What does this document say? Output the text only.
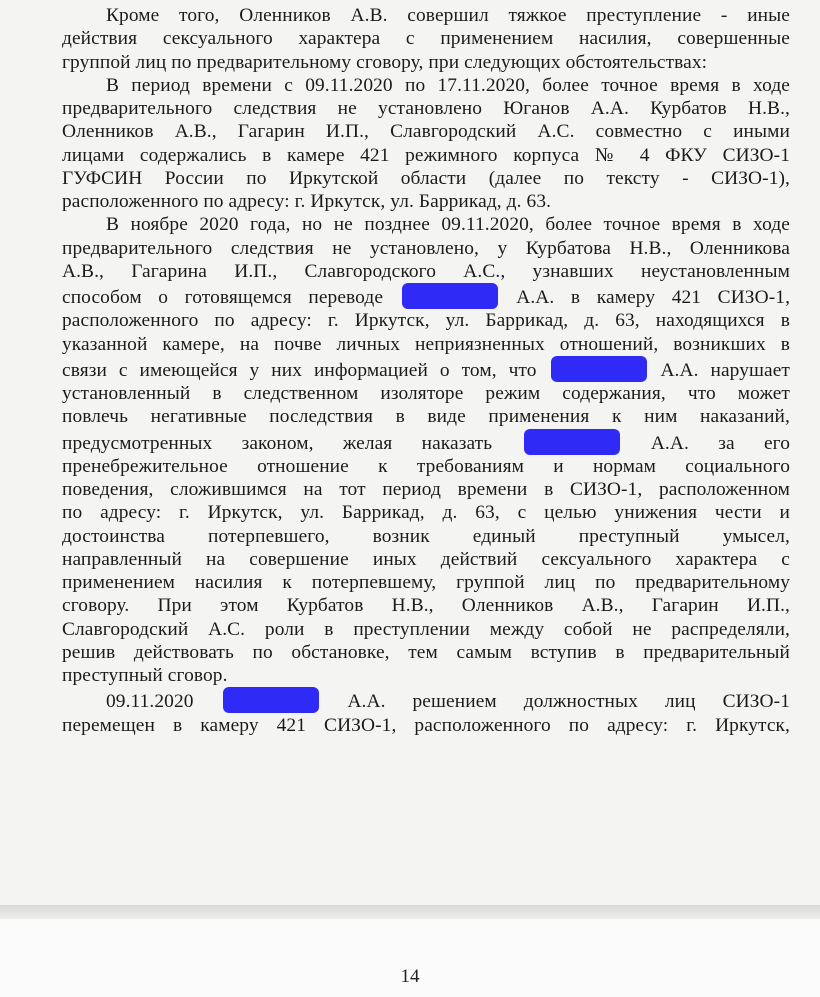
Кроме того, Оленников А.В. совершил тяжкое преступление - иные
действия сексуального характера с применением насилия, совершенные
группой лиц по предварительному сговору, при следующих обстоятельствах:
В период времени с 09.11.2020 по 17.11.2020, более точное время в ходе
предварительного следствия не установлено Юганов А.А. Курбатов Н.В.,
Оленников А.В., Гагарин И.П., Славгородский А.С. совместно с иными
лицами содержались в камере 421 режимного корпуса № 4 ФКУ СИЗО-1
ГУФСИН России по Иркутской области (далее по тексту - СИЗО-1),
расположенного по адресу: г. Иркутск, ул. Баррикад, д. 63.
В ноябре 2020 года, но не позднее 09.11.2020, более точное время в ходе
предварительного следствия не установлено, у Курбатова Н.В., Оленникова
А.В., Гагарина И.П., Славгородского А.С., узнавших неустановленным
способом о готовящемся переводе	А.А. в камеру 421 СИЗО-1,
расположенного по адресу: г. Иркутск, ул. Баррикад, д. 63, находящихся в
указанной камере, на почве личных неприязненных отношений, возникших в
связи с имеющейся у них информацией о том, что	А.А. нарушает
установленный в следственном изоляторе режим содержания, что может
повлечь негативные последствия в виде применения к ним наказаний,
предусмотренных законом, желая наказать	А.А. за его
пренебрежительное отношение к требованиям и нормам социального
поведения, сложившимся на тот период времени в СИЗО-1, расположенном
по адресу: г. Иркутск, ул. Баррикад, д. 63, с целью унижения чести и
достоинства потерпевшего, возник единый преступный умысел,
направленный на совершение иных действий сексуального характера с
применением насилия к потерпевшему, группой лиц по предварительному
сговору. При этом Курбатов Н.В., Оленников А.В., Гагарин И.П.,
Славгородский А.С. роли в преступлении между собой не распределяли,
решив действовать по обстановке, тем самым вступив в предварительный
преступный сговор.
09.11.2020	А.А. решением должностных лиц СИЗО-1
перемещен в камеру 421 СИЗО-1, расположенного по адресу: г. Иркутск,
14
